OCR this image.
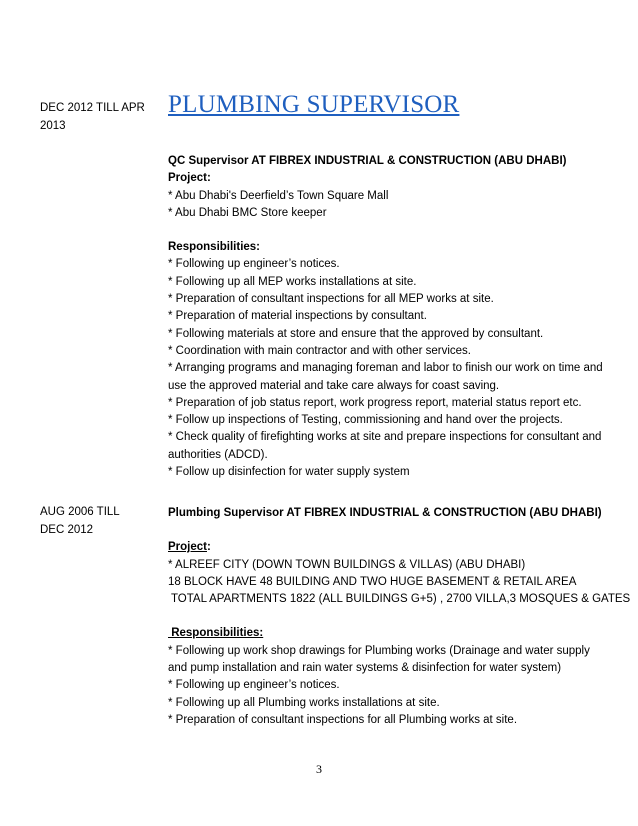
DEC 2012 TILL APR 2013
PLUMBING SUPERVISOR
QC Supervisor AT FIBREX INDUSTRIAL & CONSTRUCTION (ABU DHABI)
Project:
* Abu Dhabi's Deerfield’s Town Square Mall
* Abu Dhabi BMC Store keeper
Responsibilities:
* Following up engineer’s notices.
* Following up all MEP works installations at site.
* Preparation of consultant inspections for all MEP works at site.
* Preparation of material inspections by consultant.
* Following materials at store and ensure that the approved by consultant.
* Coordination with main contractor and with other services.
* Arranging programs and managing foreman and labor to finish our work on time and use the approved material and take care always for coast saving.
* Preparation of job status report, work progress report, material status report etc.
* Follow up inspections of Testing, commissioning and hand over the projects.
* Check quality of firefighting works at site and prepare inspections for consultant and authorities (ADCD).
* Follow up disinfection for water supply system
AUG 2006 TILL DEC 2012
Plumbing Supervisor AT FIBREX INDUSTRIAL & CONSTRUCTION (ABU DHABI)
Project:
* ALREEF CITY (DOWN TOWN BUILDINGS & VILLAS) (ABU DHABI)
18 BLOCK HAVE 48 BUILDING AND TWO HUGE BASEMENT & RETAIL AREA
TOTAL APARTMENTS 1822 (ALL BUILDINGS G+5) , 2700 VILLA,3 MOSQUES & GATES
Responsibilities:
* Following up work shop drawings for Plumbing works (Drainage and water supply and pump installation and rain water systems & disinfection for water system)
* Following up engineer’s notices.
* Following up all Plumbing works installations at site.
* Preparation of consultant inspections for all Plumbing works at site.
3
